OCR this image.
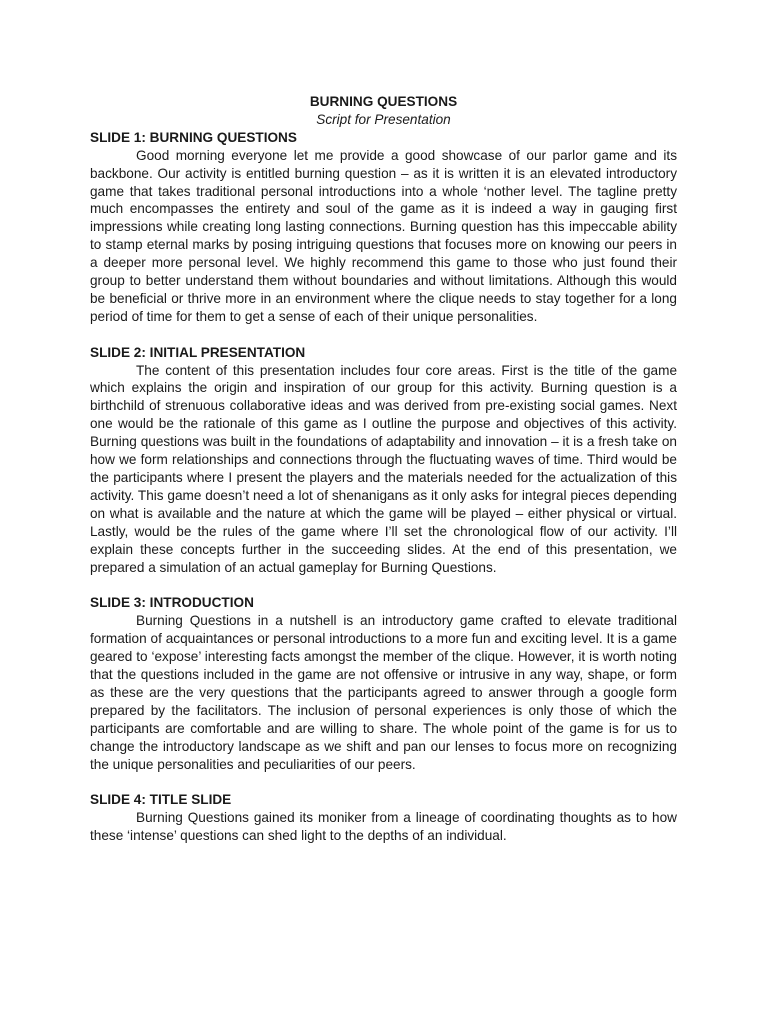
BURNING QUESTIONS

Script for Presentation

SLIDE 1: BURNING QUESTIONS

Good morning everyone let me provide a good showcase of our parlor game and its backbone. Our activity is entitled burning question – as it is written it is an elevated introductory game that takes traditional personal introductions into a whole ‘nother level. The tagline pretty much encompasses the entirety and soul of the game as it is indeed a way in gauging first impressions while creating long lasting connections. Burning question has this impeccable ability to stamp eternal marks by posing intriguing questions that focuses more on knowing our peers in a deeper more personal level. We highly recommend this game to those who just found their group to better understand them without boundaries and without limitations. Although this would be beneficial or thrive more in an environment where the clique needs to stay together for a long period of time for them to get a sense of each of their unique personalities.

SLIDE 2: INITIAL PRESENTATION

The content of this presentation includes four core areas. First is the title of the game which explains the origin and inspiration of our group for this activity. Burning question is a birthchild of strenuous collaborative ideas and was derived from pre-existing social games. Next one would be the rationale of this game as I outline the purpose and objectives of this activity. Burning questions was built in the foundations of adaptability and innovation – it is a fresh take on how we form relationships and connections through the fluctuating waves of time. Third would be the participants where I present the players and the materials needed for the actualization of this activity. This game doesn’t need a lot of shenanigans as it only asks for integral pieces depending on what is available and the nature at which the game will be played – either physical or virtual. Lastly, would be the rules of the game where I’ll set the chronological flow of our activity. I’ll explain these concepts further in the succeeding slides. At the end of this presentation, we prepared a simulation of an actual gameplay for Burning Questions.

SLIDE 3: INTRODUCTION

Burning Questions in a nutshell is an introductory game crafted to elevate traditional formation of acquaintances or personal introductions to a more fun and exciting level. It is a game geared to ‘expose’ interesting facts amongst the member of the clique. However, it is worth noting that the questions included in the game are not offensive or intrusive in any way, shape, or form as these are the very questions that the participants agreed to answer through a google form prepared by the facilitators. The inclusion of personal experiences is only those of which the participants are comfortable and are willing to share. The whole point of the game is for us to change the introductory landscape as we shift and pan our lenses to focus more on recognizing the unique personalities and peculiarities of our peers.

SLIDE 4: TITLE SLIDE

Burning Questions gained its moniker from a lineage of coordinating thoughts as to how these ‘intense’ questions can shed light to the depths of an individual.
